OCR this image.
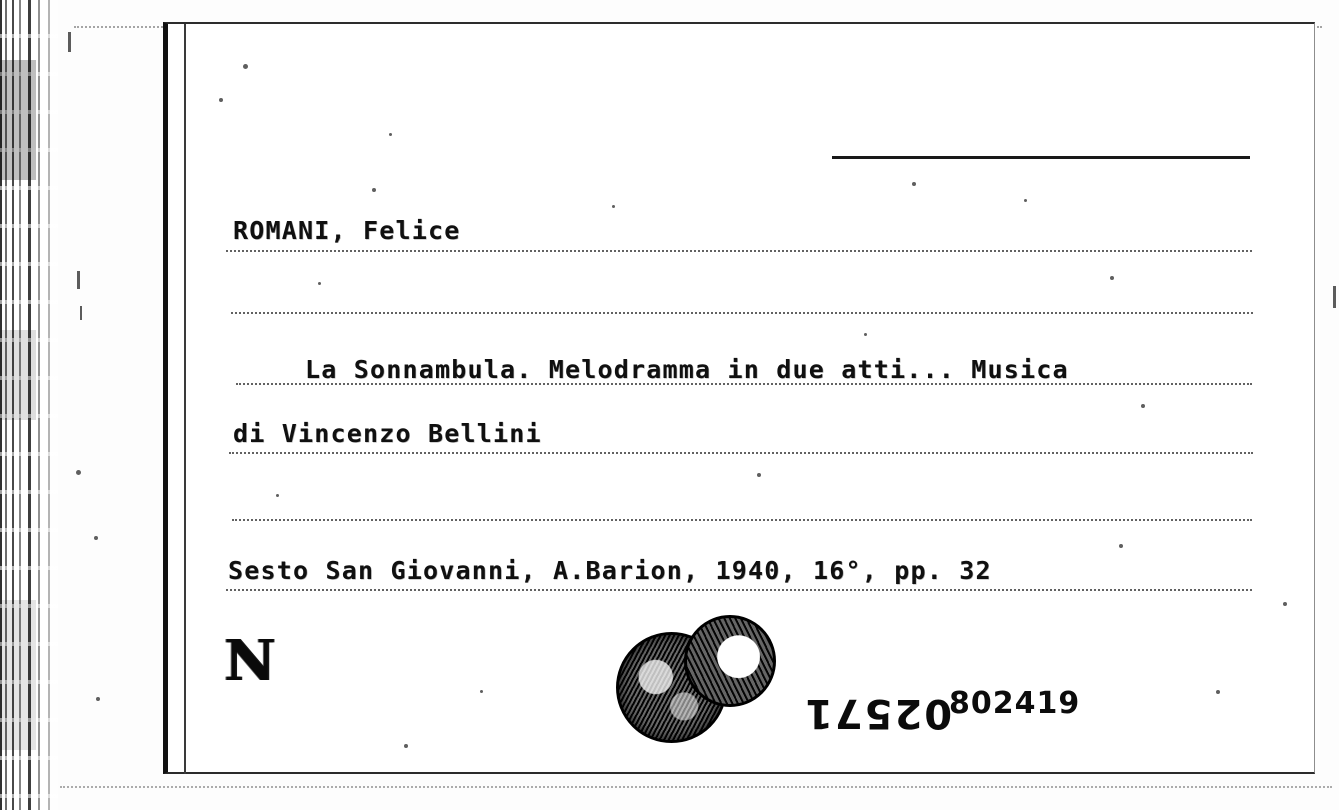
ROMANI, Felice
La Sonnambula. Melodramma in due atti... Musica
di Vincenzo Bellini
Sesto San Giovanni, A.Barion, 1940, 16°, pp. 32
N
02571
802419
